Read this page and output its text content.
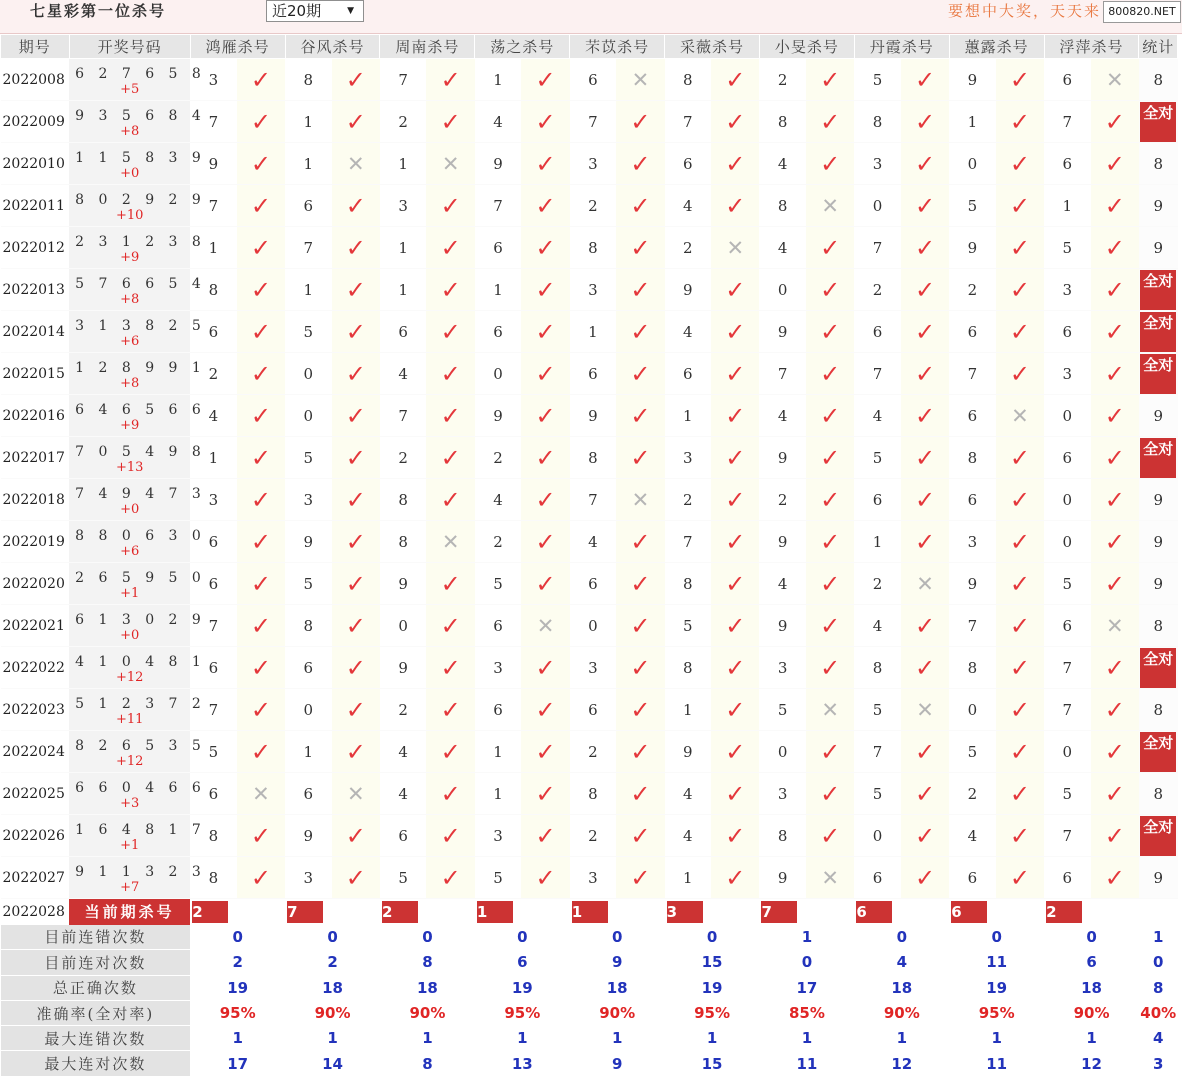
七星彩第一位杀号	近20期	▼	要想中大奖，天天来 800820.NET
期号	开奖号码	鸿雁杀号		谷风杀号		周南杀号		荡之杀号		芣苡杀号		采薇杀号		小旻杀号		丹霞杀号		蕙露杀号		浮萍杀号		统计
2022008	6 2 7 6 5 8
+5	3	✓	8	✓	7	✓	1	✓	6	✕	8	✓	2	✓	5	✓	9	✓	6	✕	8
2022009	9 3 5 6 8 4
+8	7	✓	1	✓	2	✓	4	✓	7	✓	7	✓	8	✓	8	✓	1	✓	7	✓	全对
2022010	1 1 5 8 3 9
+0	9	✓	1	✕	1	✕	9	✓	3	✓	6	✓	4	✓	3	✓	0	✓	6	✓	8
2022011	8 0 2 9 2 9
+10	7	✓	6	✓	3	✓	7	✓	2	✓	4	✓	8	✕	0	✓	5	✓	1	✓	9
2022012	2 3 1 2 3 8
+9	1	✓	7	✓	1	✓	6	✓	8	✓	2	✕	4	✓	7	✓	9	✓	5	✓	9
2022013	5 7 6 6 5 4
+8	8	✓	1	✓	1	✓	1	✓	3	✓	9	✓	0	✓	2	✓	2	✓	3	✓	全对
2022014	3 1 3 8 2 5
+6	6	✓	5	✓	6	✓	6	✓	1	✓	4	✓	9	✓	6	✓	6	✓	6	✓	全对
2022015	1 2 8 9 9 1
+8	2	✓	0	✓	4	✓	0	✓	6	✓	6	✓	7	✓	7	✓	7	✓	3	✓	全对
2022016	6 4 6 5 6 6
+9	4	✓	0	✓	7	✓	9	✓	9	✓	1	✓	4	✓	4	✓	6	✕	0	✓	9
2022017	7 0 5 4 9 8
+13	1	✓	5	✓	2	✓	2	✓	8	✓	3	✓	9	✓	5	✓	8	✓	6	✓	全对
2022018	7 4 9 4 7 3
+0	3	✓	3	✓	8	✓	4	✓	7	✕	2	✓	2	✓	6	✓	6	✓	0	✓	9
2022019	8 8 0 6 3 0
+6	6	✓	9	✓	8	✕	2	✓	4	✓	7	✓	9	✓	1	✓	3	✓	0	✓	9
2022020	2 6 5 9 5 0
+1	6	✓	5	✓	9	✓	5	✓	6	✓	8	✓	4	✓	2	✕	9	✓	5	✓	9
2022021	6 1 3 0 2 9
+0	7	✓	8	✓	0	✓	6	✕	0	✓	5	✓	9	✓	4	✓	7	✓	6	✕	8
2022022	4 1 0 4 8 1
+12	6	✓	6	✓	9	✓	3	✓	3	✓	8	✓	3	✓	8	✓	8	✓	7	✓	全对
2022023	5 1 2 3 7 2
+11	7	✓	0	✓	2	✓	6	✓	6	✓	1	✓	5	✕	5	✕	0	✓	7	✓	8
2022024	8 2 6 5 3 5
+12	5	✓	1	✓	4	✓	1	✓	2	✓	9	✓	0	✓	7	✓	5	✓	0	✓	全对
2022025	6 6 0 4 6 6
+3	6	✕	6	✕	4	✓	1	✓	8	✓	4	✓	3	✓	5	✓	2	✓	5	✓	8
2022026	1 6 4 8 1 7
+1	8	✓	9	✓	6	✓	3	✓	2	✓	4	✓	8	✓	0	✓	4	✓	7	✓	全对
2022027	9 1 1 3 2 3
+7	8	✓	3	✓	5	✓	5	✓	3	✓	1	✓	9	✕	6	✓	6	✓	6	✓	9
2022028	当前期杀号	2		7		2		1		1		3		7		6		6		2		
目前连错次数		0		0		0		0		0		0		1		0		0		0		1
目前连对次数		2		2		8		6		9		15		0		4		11		6		0
总正确次数		19		18		18		19		18		19		17		18		19		18		8
准确率(全对率)		95%		90%		90%		95%		90%		95%		85%		90%		95%		90%		40%
最大连错次数		1		1		1		1		1		1		1		1		1		1		4
最大连对次数		17		14		8		13		9		15		11		12		11		12		3
